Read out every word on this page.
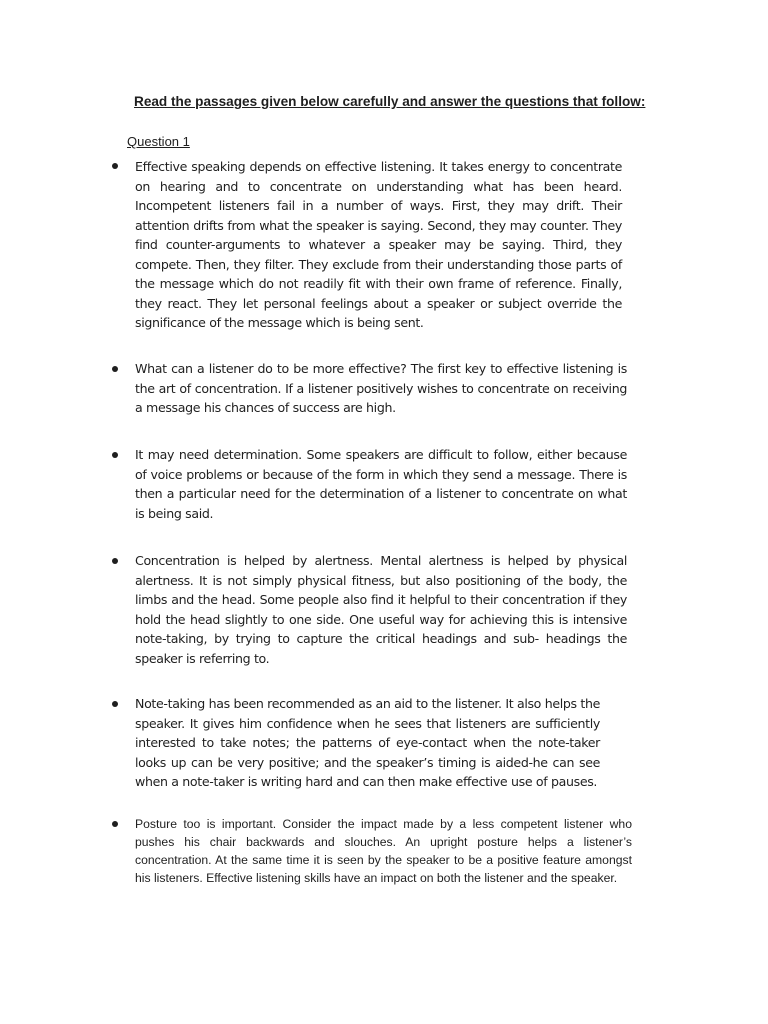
Read the passages given below carefully and answer the questions that follow:
Question 1

Effective speaking depends on effective listening. It takes energy to concentrate on hearing and to concentrate on understanding what has been heard. Incompetent listeners fail in a number of ways. First, they may drift. Their attention drifts from what the speaker is saying. Second, they may counter. They find counter-arguments to whatever a speaker may be saying. Third, they compete. Then, they filter. They exclude from their understanding those parts of the message which do not readily fit with their own frame of reference. Finally, they react. They let personal feelings about a speaker or subject override the significance of the message which is being sent.

What can a listener do to be more effective? The first key to effective listening is the art of concentration. If a listener positively wishes to concentrate on receiving a message his chances of success are high.

It may need determination. Some speakers are difficult to follow, either because of voice problems or because of the form in which they send a message. There is then a particular need for the determination of a listener to concentrate on what is being said.

Concentration is helped by alertness. Mental alertness is helped by physical alertness. It is not simply physical fitness, but also positioning of the body, the limbs and the head. Some people also find it helpful to their concentration if they hold the head slightly to one side. One useful way for achieving this is intensive note-taking, by trying to capture the critical headings and sub- headings the speaker is referring to.

Note-taking has been recommended as an aid to the listener. It also helps the speaker. It gives him confidence when he sees that listeners are sufficiently interested to take notes; the patterns of eye-contact when the note-taker looks up can be very positive; and the speaker’s timing is aided-he can see when a note-taker is writing hard and can then make effective use of pauses.

Posture too is important. Consider the impact made by a less competent listener who pushes his chair backwards and slouches. An upright posture helps a listener’s concentration. At the same time it is seen by the speaker to be a positive feature amongst his listeners. Effective listening skills have an impact on both the listener and the speaker.
